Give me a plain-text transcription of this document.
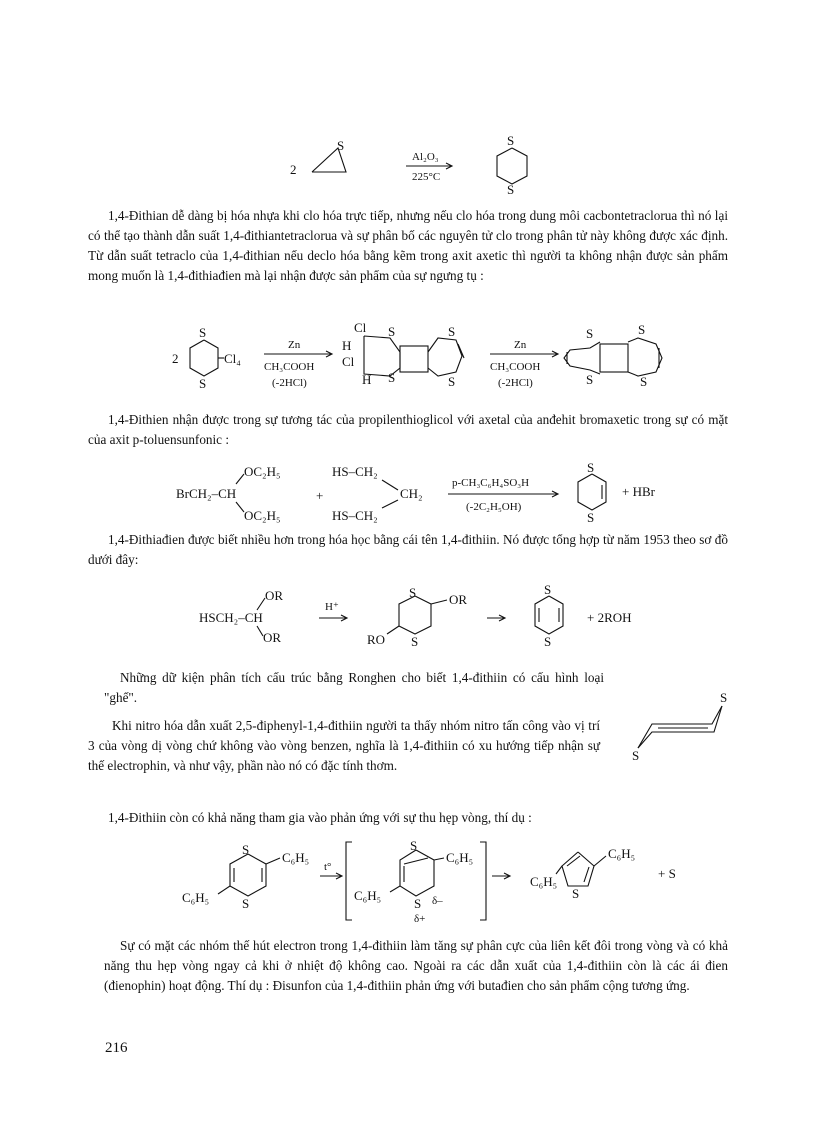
2
S
Al₂O₃
225°C
S
S
1,4-Đithian dễ dàng bị hóa nhựa khi clo hóa trực tiếp, nhưng nếu clo hóa trong dung môi cacbontetraclorua thì nó lại có thể tạo thành dẫn suất 1,4-đithiantetraclorua và sự phân bố các nguyên tử clo trong phân tử này không được xác định. Từ dẫn suất tetraclo của 1,4-đithian nếu declo hóa bằng kẽm trong axit axetic thì người ta không nhận được sản phẩm mong muốn là 1,4-đithiađien mà lại nhận được sản phẩm của sự ngưng tụ :
2
S
S
Cl₄
Zn
CH₃COOH
(-2HCl)
Cl
H
Cl
H
S
S
S
S
Zn
CH₃COOH
(-2HCl)
S
S
S
S
1,4-Đithien nhận được trong sự tương tác của propilenthioglicol với axetal của anđehit bromaxetic trong sự có mặt của axit p-toluensunfonic :
OC₂H₅
BrCH₂–CH
OC₂H₅
+
HS–CH₂
CH₂
HS–CH₂
p-CH₃C₆H₄SO₃H
(-2C₂H₅OH)
S
S
+ HBr
1,4-Đithiađien được biết nhiều hơn trong hóa học bằng cái tên 1,4-đithiin. Nó được tổng hợp từ năm 1953 theo sơ đồ dưới đây:
OR
HSCH₂–CH
OR
H⁺
S
S
OR
RO
S
S
+ 2ROH
Những dữ kiện phân tích cấu trúc bằng Ronghen cho biết 1,4-đithiin có cấu hình loại "ghế".	S
S
Khi nitro hóa dẫn xuất 2,5-điphenyl-1,4-đithiin người ta thấy nhóm nitro tấn công vào vị trí 3 của vòng dị vòng chứ không vào vòng benzen, nghĩa là 1,4-đithiin có xu hướng tiếp nhận sự thế electrophin, và như vậy, phần nào nó có đặc tính thơm.
1,4-Đithiin còn có khả năng tham gia vào phản ứng với sự thu hẹp vòng, thí dụ :
S
S
C₆H₅
C₆H₅
t°
S
S
C₆H₅
C₆H₅	δ–
δ+
S
C₆H₅
C₆H₅
+ S
Sự có mặt các nhóm thế hút electron trong 1,4-đithiin làm tăng sự phân cực của liên kết đôi trong vòng và có khả năng thu hẹp vòng ngay cả khi ở nhiệt độ không cao. Ngoài ra các dẫn xuất của 1,4-đithiin còn là các ái đien (đienophin) hoạt động. Thí dụ : Đisunfon của 1,4-đithiin phản ứng với butađien cho sản phẩm cộng tương ứng.
216
